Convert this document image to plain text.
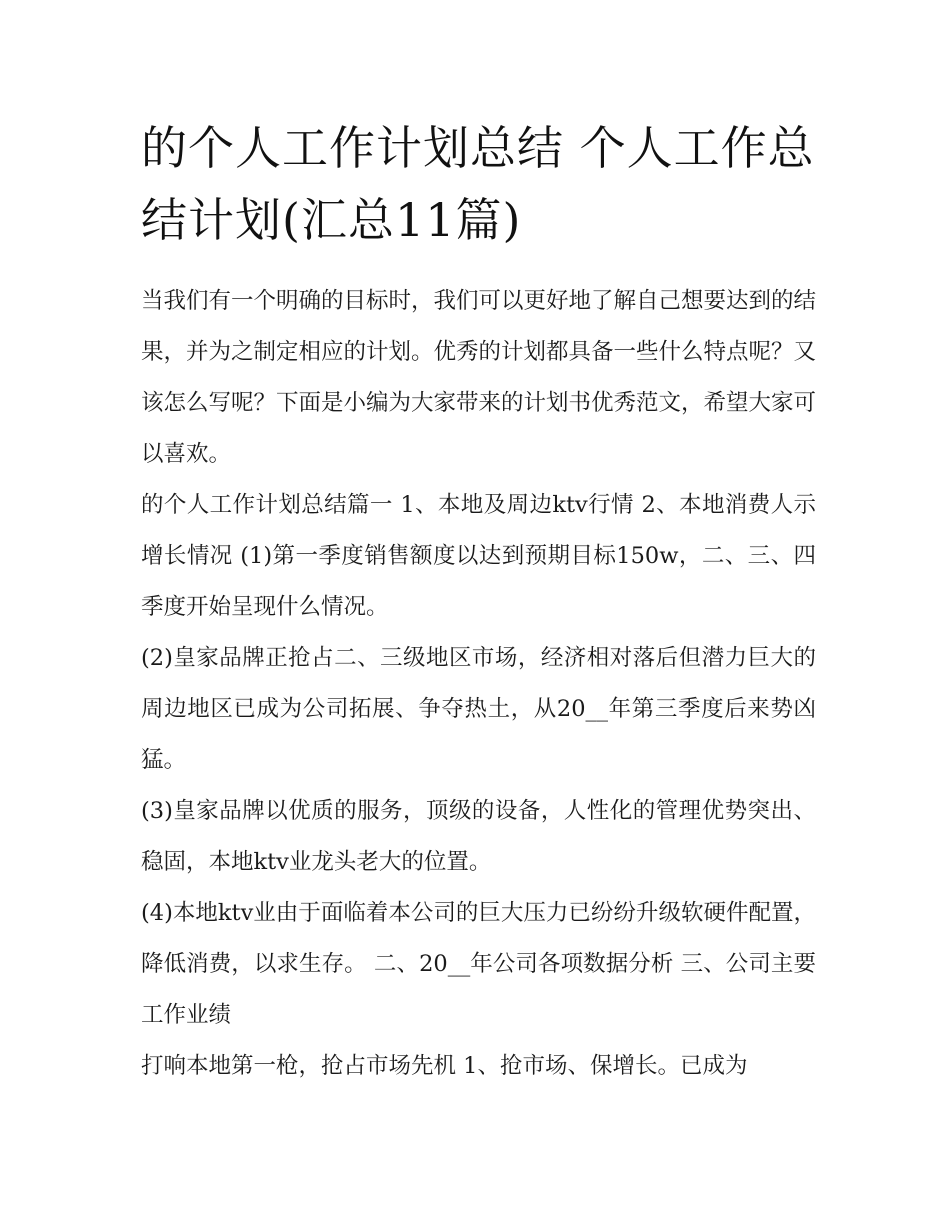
的个人工作计划总结 个人工作总结计划(汇总11篇)

当我们有一个明确的目标时，我们可以更好地了解自己想要达到的结果，并为之制定相应的计划。优秀的计划都具备一些什么特点呢？又该怎么写呢？下面是小编为大家带来的计划书优秀范文，希望大家可以喜欢。

的个人工作计划总结篇一 1、本地及周边ktv行情 2、本地消费人示增长情况 (1)第一季度销售额度以达到预期目标150w，二、三、四季度开始呈现什么情况。

(2)皇家品牌正抢占二、三级地区市场，经济相对落后但潜力巨大的周边地区已成为公司拓展、争夺热土，从20__年第三季度后来势凶猛。

(3)皇家品牌以优质的服务，顶级的设备，人性化的管理优势突出、稳固，本地ktv业龙头老大的位置。

(4)本地ktv业由于面临着本公司的巨大压力已纷纷升级软硬件配置，降低消费，以求生存。 二、20__年公司各项数据分析 三、公司主要工作业绩

打响本地第一枪，抢占市场先机 1、抢市场、保增长。已成为
